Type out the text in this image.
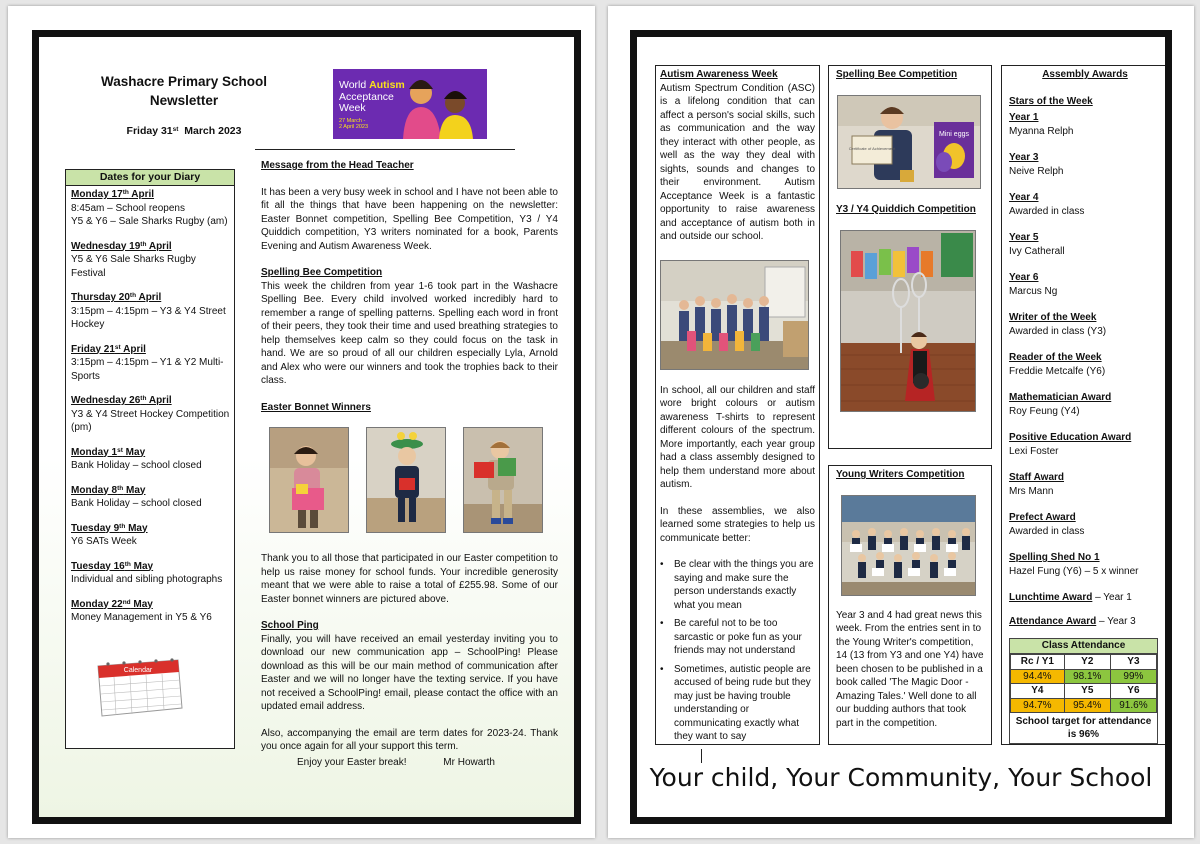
Washacre Primary School
Newsletter
Friday 31st  March 2023
World Autism
Acceptance
Week
27 March -
2 April 2023
Dates for your Diary
Monday 17th April
8:45am – School reopens
Y5 & Y6 – Sale Sharks Rugby (am)
Wednesday 19th April
Y5 & Y6 Sale Sharks Rugby Festival
Thursday 20th April
3:15pm – 4:15pm – Y3 & Y4 Street Hockey
Friday 21st April
3:15pm – 4:15pm – Y1 & Y2 Multi-Sports
Wednesday 26th April
Y3 & Y4 Street Hockey Competition (pm)
Monday 1st May
Bank Holiday – school closed
Monday 8th May
Bank Holiday – school closed
Tuesday 9th May
Y6 SATs Week
Tuesday 16th May
Individual and sibling photographs
Monday 22nd May
Money Management in Y5 & Y6
Calendar
Message from the Head Teacher

It has been a very busy week in school and I have not been able to fit all the things that have been happening on the newsletter: Easter Bonnet competition, Spelling Bee Competition, Y3 / Y4 Quiddich competition, Y3 writers nominated for a book, Parents Evening and Autism Awareness Week.

Spelling Bee Competition

This week the children from year 1-6 took part in the Washacre Spelling Bee. Every child involved worked incredibly hard to remember a range of spelling patterns. Spelling each word in front of their peers, they took their time and used breathing strategies to help themselves keep calm so they could focus on the task in hand. We are so proud of all our children especially Lyla, Arnold and Alex who were our winners and took the trophies back to their class.

Easter Bonnet Winners

Thank you to all those that participated in our Easter competition to help us raise money for school funds. Your incredible generosity meant that we were able to raise a total of £255.98. Some of our Easter bonnet winners are pictured above.

School Ping

Finally, you will have received an email yesterday inviting you to download our new communication app – SchoolPing! Please download as this will be our main method of communication after Easter and we will no longer have the texting service. If you have not received a SchoolPing! email, please contact the office with an updated email address.

Also, accompanying the email are term dates for 2023-24. Thank you once again for all your support this term.

Enjoy your Easter break!	Mr Howarth
Autism Awareness Week

Autism Spectrum Condition (ASC) is a lifelong condition that can affect a person's social skills, such as communication and the way they interact with other people, as well as the way they deal with sights, sounds and changes to their environment. Autism Acceptance Week is a fantastic opportunity to raise awareness and acceptance of autism both in and outside our school.

In school, all our children and staff wore bright colours or autism awareness T-shirts to represent different colours of the spectrum. More importantly, each year group had a class assembly designed to help them understand more about autism.

In these assemblies, we also learned some strategies to help us communicate better:

• Be clear with the things you are saying and make sure the person understands exactly what you mean
• Be careful not to be too sarcastic or poke fun as your friends may not understand
• Sometimes, autistic people are accused of being rude but they may just be having trouble understanding or communicating exactly what they want to say
Spelling Bee Competition
Mini eggs
Certificate of Achievement
Y3 / Y4 Quiddich Competition
Young Writers Competition

Year 3 and 4 had great news this week. From the entries sent in to the Young Writer's competition, 14 (13 from Y3 and one Y4) have been chosen to be published in a book called 'The Magic Door - Amazing Tales.' Well done to all our budding authors that took part in the competition.

Assembly Awards
Stars of the Week
Year 1
Myanna Relph
Year 3
Neive Relph
Year 4
Awarded in class
Year 5
Ivy Catherall
Year 6
Marcus Ng
Writer of the Week
Awarded in class (Y3)
Reader of the Week
Freddie Metcalfe (Y6)
Mathematician Award
Roy Feung (Y4)
Positive Education Award
Lexi Foster
Staff Award
Mrs Mann
Prefect Award
Awarded in class
Spelling Shed No 1
Hazel Fung (Y6) – 5 x winner
Lunchtime Award – Year 1
Attendance Award – Year 3
Class Attendance
Rc / Y1	Y2	Y3
94.4%	98.1%	99%
Y4	Y5	Y6
94.7%	95.4%	91.6%
School target for attendance is 96%
Your child, Your Community, Your School
